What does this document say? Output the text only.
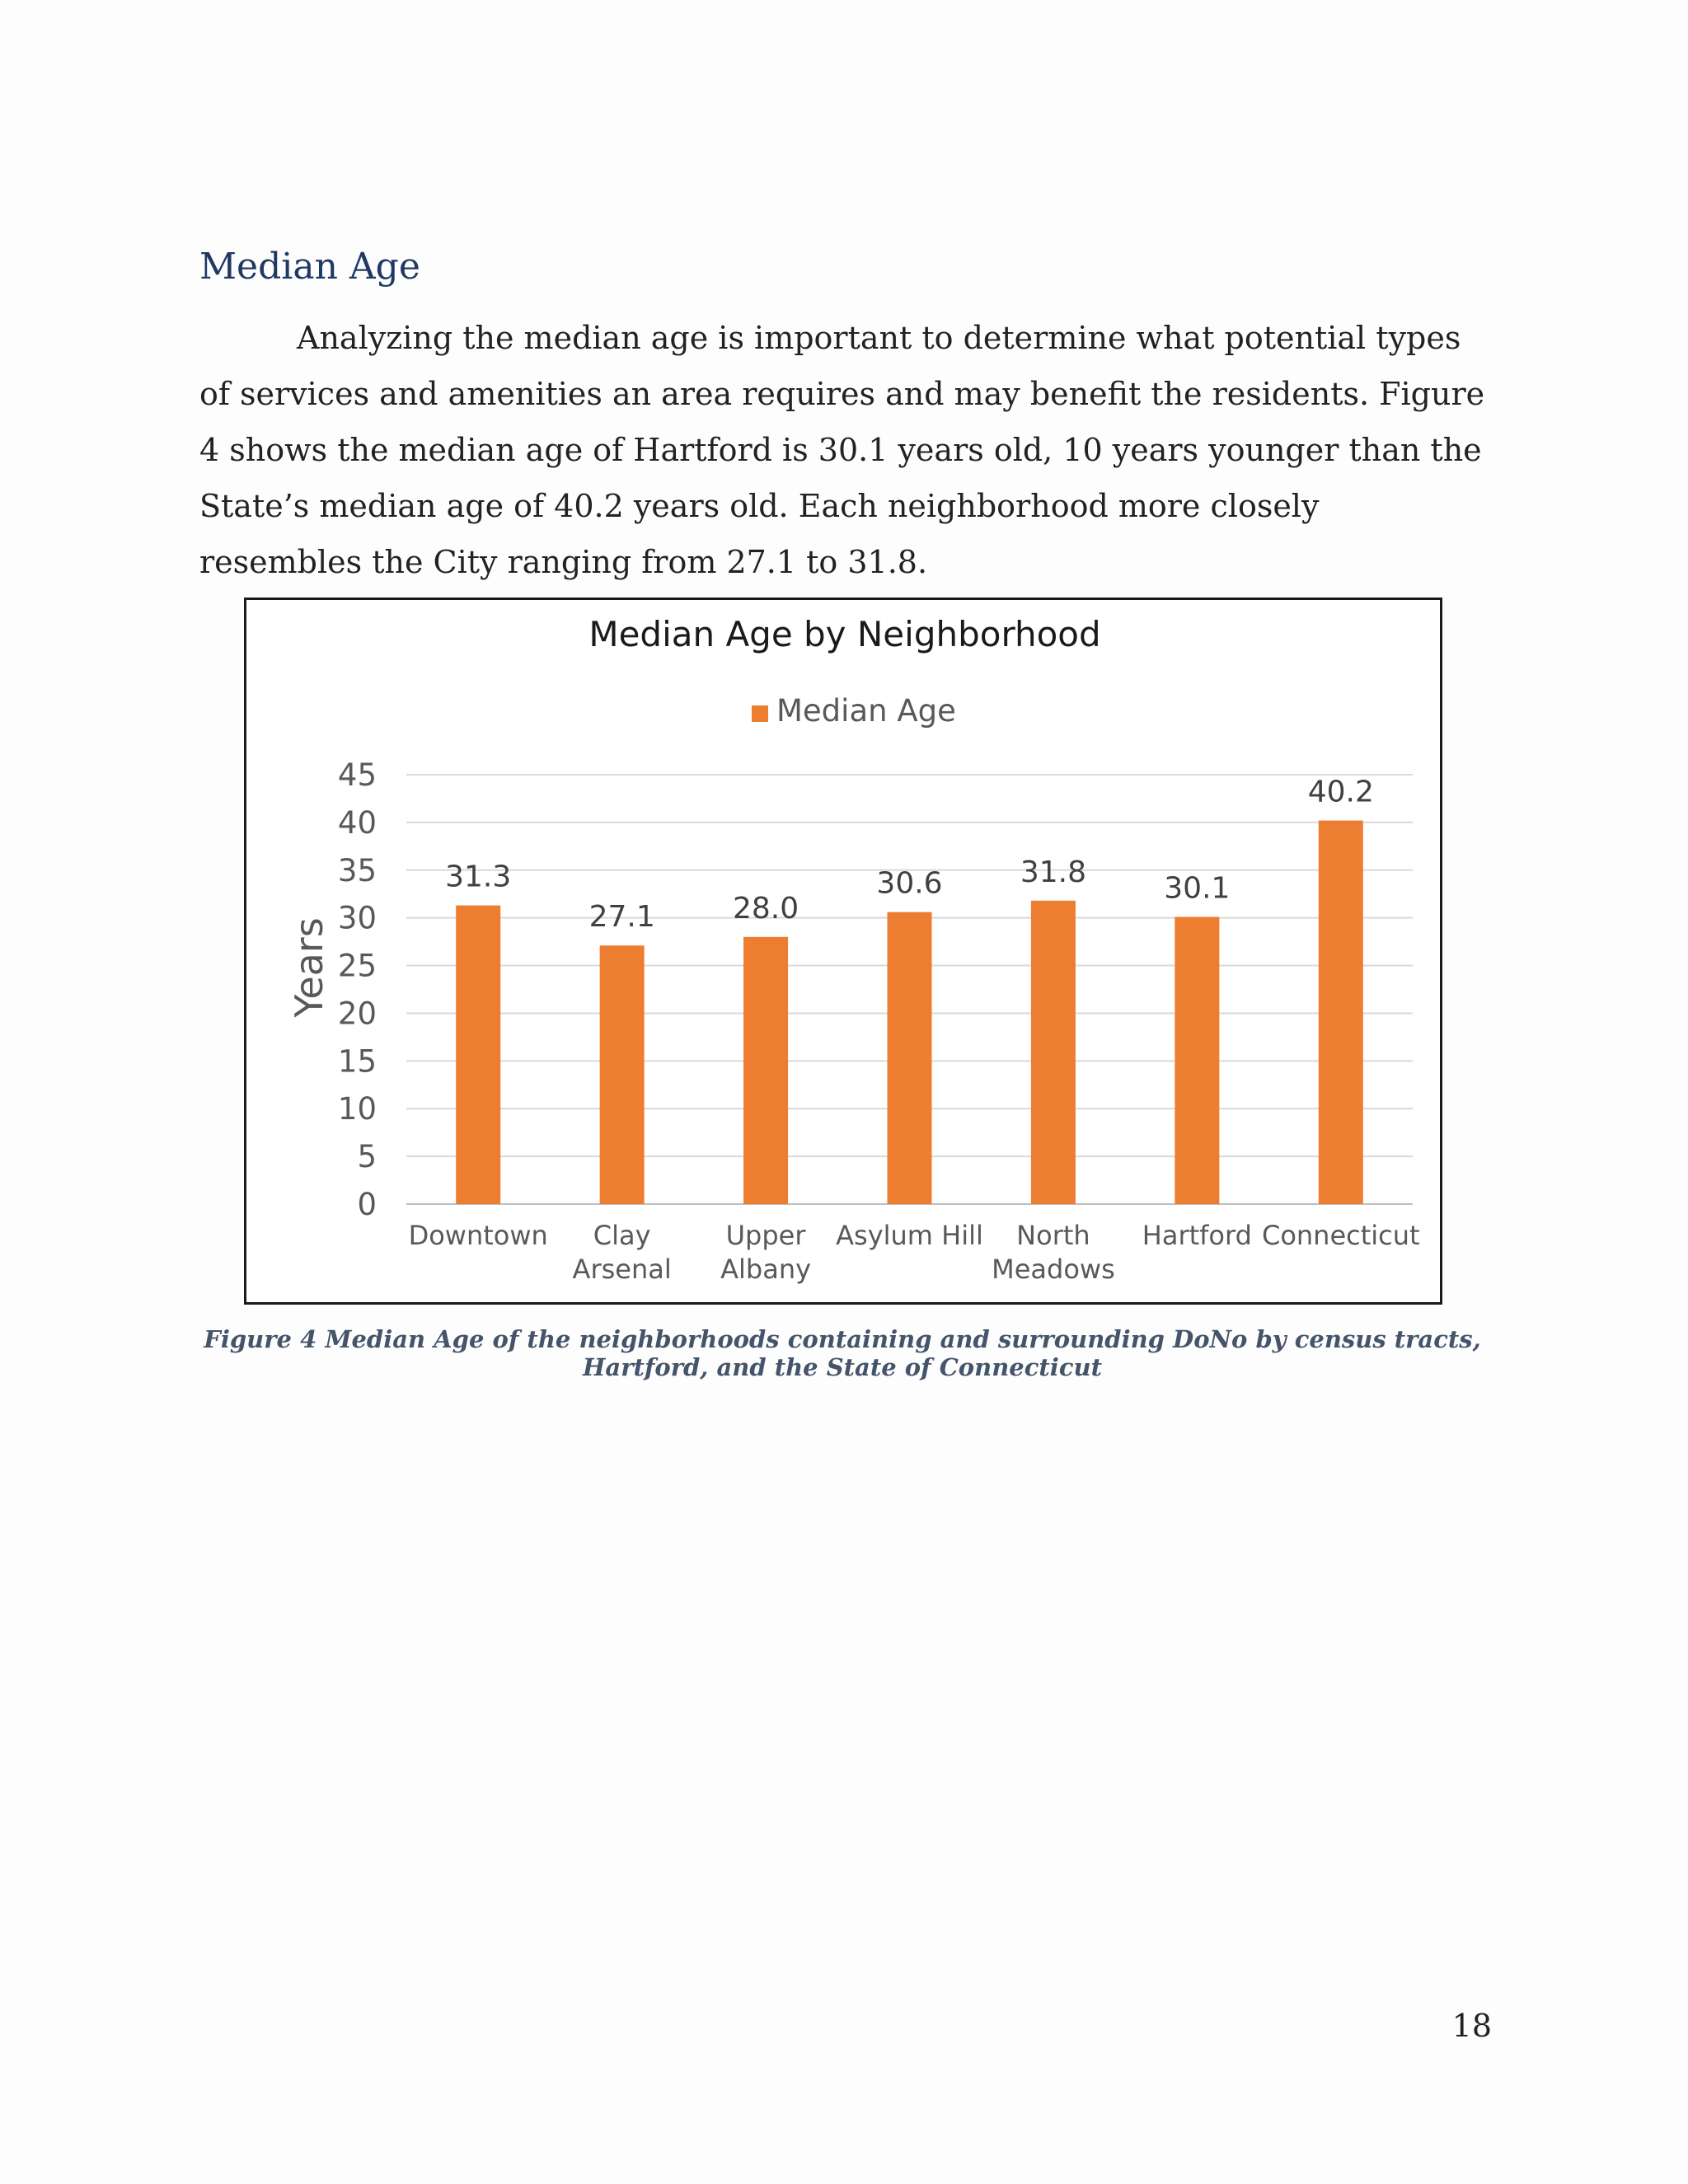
Median Age

Analyzing the median age is important to determine what potential types of services and amenities an area requires and may benefit the residents. Figure 4 shows the median age of Hartford is 30.1 years old, 10 years younger than the State’s median age of 40.2 years old. Each neighborhood more closely resembles the City ranging from 27.1 to 31.8.

Median Age by Neighborhood
Median Age
Years
0
5
10
15
20
25
30
35
40
45
31.3
27.1	28.0
30.6	31.8	30.1
40.2
Downtown Clay
Arsenal
Upper
Albany
Asylum Hill North
Meadows
Hartford Connecticut

Figure 4 Median Age of the neighborhoods containing and surrounding DoNo by census tracts, Hartford, and the State of Connecticut

18
